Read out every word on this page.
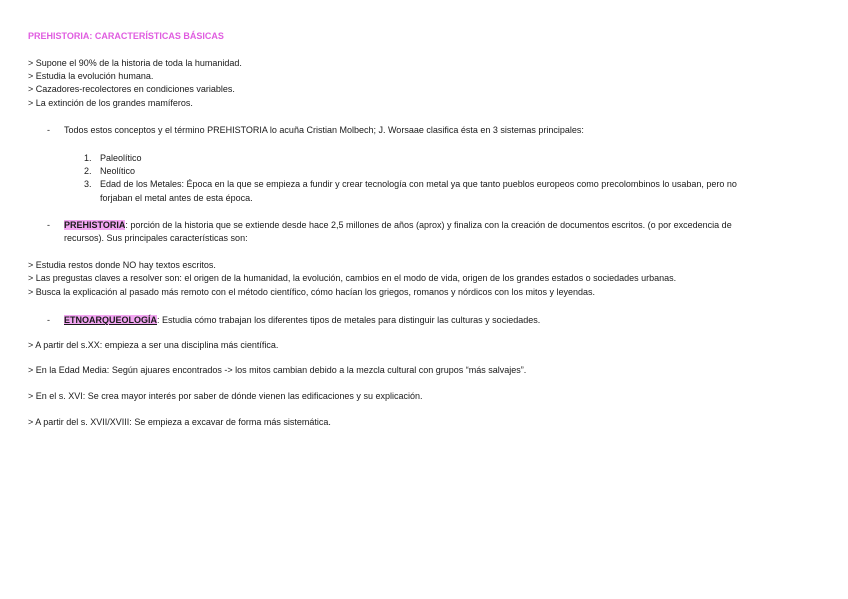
PREHISTORIA: CARACTERÍSTICAS BÁSICAS
> Supone el 90% de la historia de toda la humanidad.
> Estudia la evolución humana.
> Cazadores-recolectores en condiciones variables.
> La extinción de los grandes mamíferos.
- Todos estos conceptos y el término PREHISTORIA lo acuña Cristian Molbech; J. Worsaae clasifica ésta en 3 sistemas principales:
1. Paleolítico
2. Neolítico
3. Edad de los Metales: Época en la que se empieza a fundir y crear tecnología con metal ya que tanto pueblos europeos como precolombinos lo usaban, pero no
forjaban el metal antes de esta época.
- PREHISTORIA: porción de la historia que se extiende desde hace 2,5 millones de años (aprox) y finaliza con la creación de documentos escritos. (o por excedencia de
recursos). Sus principales características son:
> Estudia restos donde NO hay textos escritos.
> Las pregustas claves a resolver son: el origen de la humanidad, la evolución, cambios en el modo de vida, origen de los grandes estados o sociedades urbanas.
> Busca la explicación al pasado más remoto con el método científico, cómo hacían los griegos, romanos y nórdicos con los mitos y leyendas.
- ETNOARQUEOLOGÍA: Estudia cómo trabajan los diferentes tipos de metales para distinguir las culturas y sociedades.
> A partir del s.XX: empieza a ser una disciplina más científica.
> En la Edad Media: Según ajuares encontrados -> los mitos cambian debido a la mezcla cultural con grupos “más salvajes”.
> En el s. XVI: Se crea mayor interés por saber de dónde vienen las edificaciones y su explicación.
> A partir del s. XVII/XVIII: Se empieza a excavar de forma más sistemática.
